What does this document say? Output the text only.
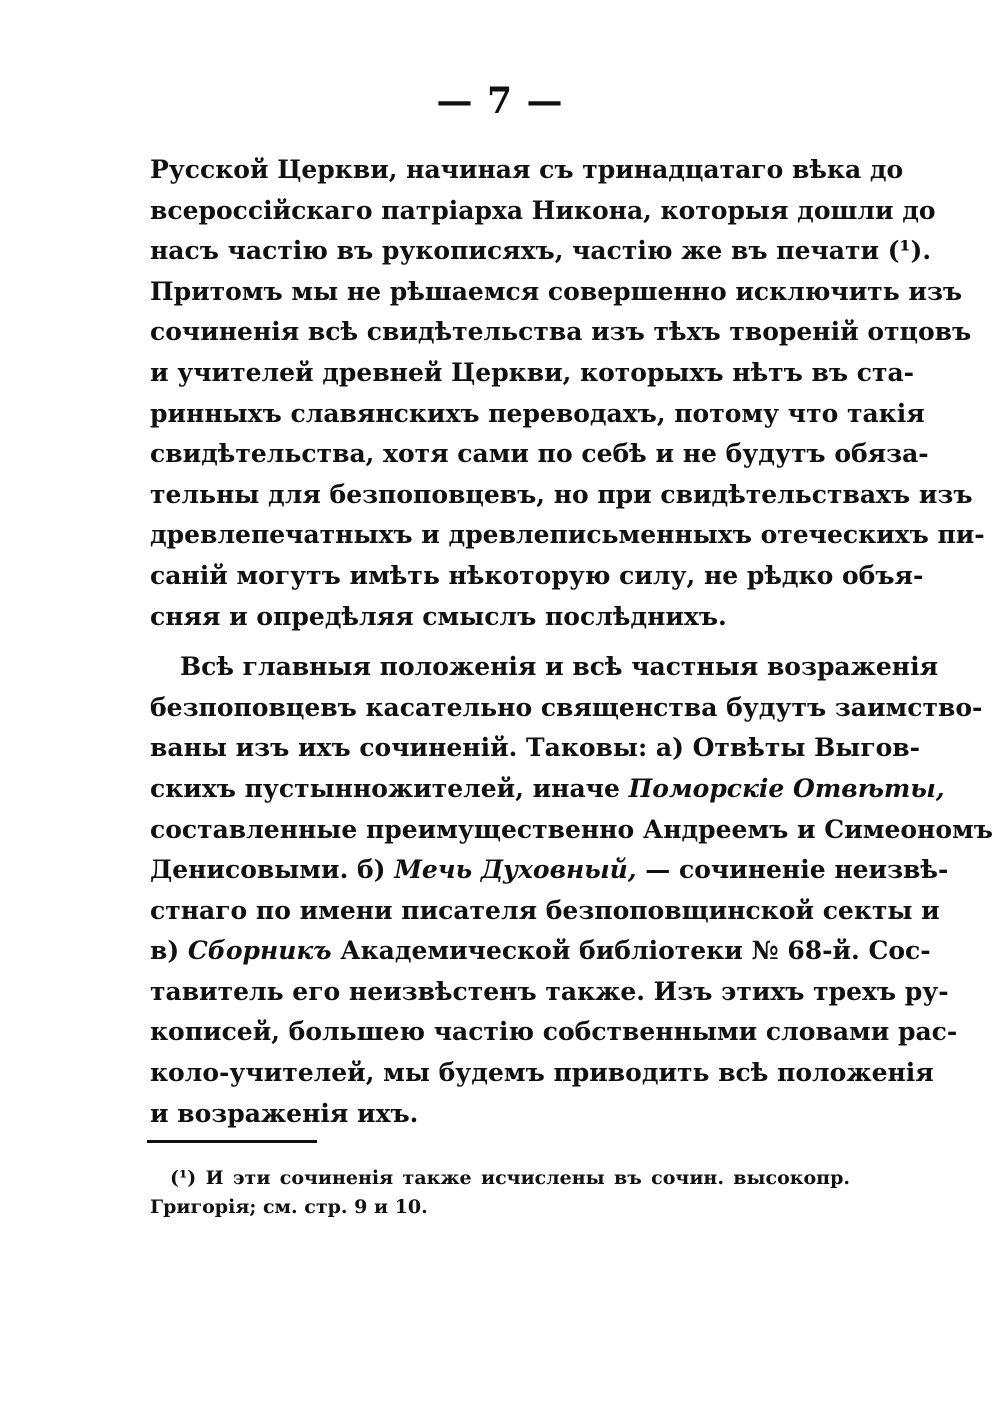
— 7 —
Русской Церкви, начиная съ тринадцатаго вѣка до
всероссійскаго патріарха Никона, которыя дошли до
насъ частію въ рукописяхъ, частію же въ печати (¹).
Притомъ мы не рѣшаемся совершенно исключить изъ
сочиненія всѣ свидѣтельства изъ тѣхъ твореній отцовъ
и учителей древней Церкви, которыхъ нѣтъ въ ста-
ринныхъ славянскихъ переводахъ, потому что такія
свидѣтельства, хотя сами по себѣ и не будутъ обяза-
тельны для безпоповцевъ, но при свидѣтельствахъ изъ
древлепечатныхъ и древлеписьменныхъ отеческихъ пи-
саній могутъ имѣть нѣкоторую силу, не рѣдко объя-
сняя и опредѣляя смыслъ послѣднихъ.
Всѣ главныя положенія и всѣ частныя возраженія
безпоповцевъ касательно священства будутъ заимство-
ваны изъ ихъ сочиненій. Таковы: а) Отвѣты Выгов-
скихъ пустынножителей, иначе Поморскіе Отвѣты,
составленные преимущественно Андреемъ и Симеономъ
Денисовыми. б) Мечь Духовный, — сочиненіе неизвѣ-
стнаго по имени писателя безпоповщинской секты и
в) Сборникъ Академической библіотеки № 68-й. Сос-
тавитель его неизвѣстенъ также. Изъ этихъ трехъ ру-
кописей, большею частію собственными словами рас-
коло-учителей, мы будемъ приводить всѣ положенія
и возраженія ихъ.
(¹) И эти сочиненія также исчислены въ сочин. высокопр.
Григорія; см. стр. 9 и 10.
